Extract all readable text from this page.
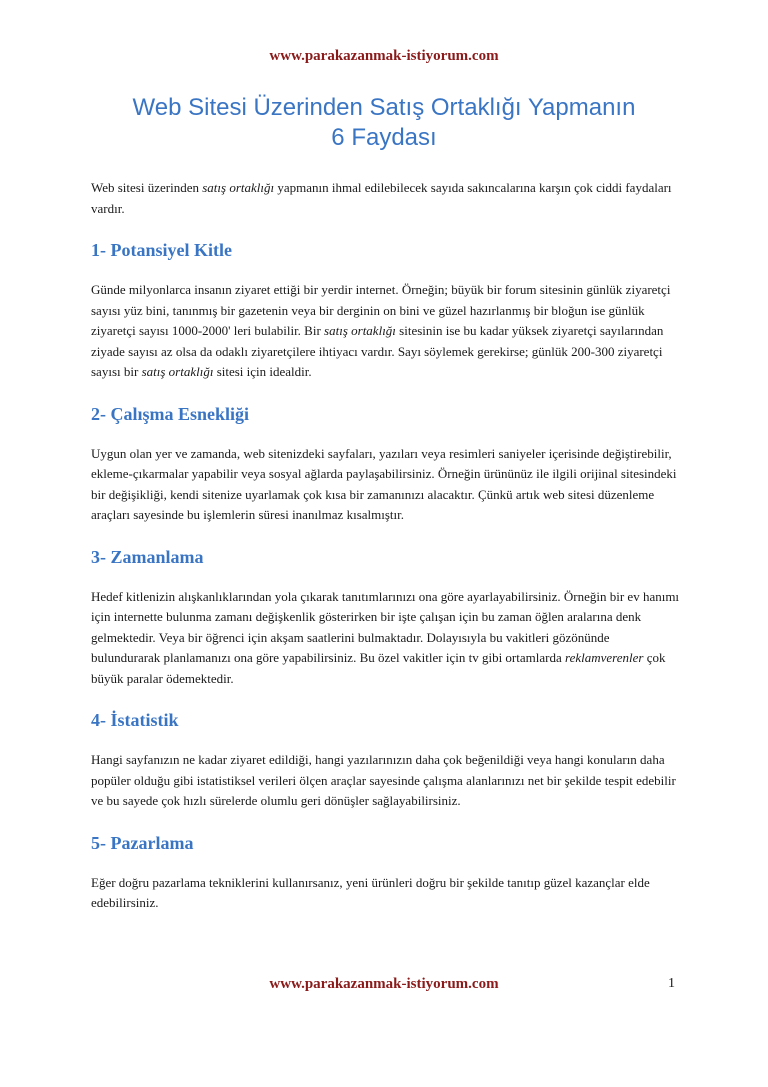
www.parakazanmak-istiyorum.com
Web Sitesi Üzerinden Satış Ortaklığı Yapmanın
6 Faydası

Web sitesi üzerinden satış ortaklığı yapmanın ihmal edilebilecek sayıda sakıncalarına karşın çok ciddi faydaları vardır.

1- Potansiyel Kitle

Günde milyonlarca insanın ziyaret ettiği bir yerdir internet. Örneğin; büyük bir forum sitesinin günlük ziyaretçi sayısı yüz bini, tanınmış bir gazetenin veya bir derginin on bini ve güzel hazırlanmış bir bloğun ise günlük ziyaretçi sayısı 1000-2000' leri bulabilir. Bir satış ortaklığı sitesinin ise bu kadar yüksek ziyaretçi sayılarından ziyade sayısı az olsa da odaklı ziyaretçilere ihtiyacı vardır. Sayı söylemek gerekirse; günlük 200-300 ziyaretçi sayısı bir satış ortaklığı sitesi için idealdir.

2- Çalışma Esnekliği

Uygun olan yer ve zamanda, web sitenizdeki sayfaları, yazıları veya resimleri saniyeler içerisinde değiştirebilir, ekleme-çıkarmalar yapabilir veya sosyal ağlarda paylaşabilirsiniz. Örneğin ürününüz ile ilgili orijinal sitesindeki bir değişikliği, kendi sitenize uyarlamak çok kısa bir zamanınızı alacaktır. Çünkü artık web sitesi düzenleme araçları sayesinde bu işlemlerin süresi inanılmaz kısalmıştır.

3- Zamanlama

Hedef kitlenizin alışkanlıklarından yola çıkarak tanıtımlarınızı ona göre ayarlayabilirsiniz. Örneğin bir ev hanımı için internette bulunma zamanı değişkenlik gösterirken bir işte çalışan için bu zaman öğlen aralarına denk gelmektedir. Veya bir öğrenci için akşam saatlerini bulmaktadır. Dolayısıyla bu vakitleri gözönünde bulundurarak planlamanızı ona göre yapabilirsiniz. Bu özel vakitler için tv gibi ortamlarda reklamverenler çok büyük paralar ödemektedir.

4- İstatistik

Hangi sayfanızın ne kadar ziyaret edildiği, hangi yazılarınızın daha çok beğenildiği veya hangi konuların daha popüler olduğu gibi istatistiksel verileri ölçen araçlar sayesinde çalışma alanlarınızı net bir şekilde tespit edebilir ve bu sayede çok hızlı sürelerde olumlu geri dönüşler sağlayabilirsiniz.

5- Pazarlama

Eğer doğru pazarlama tekniklerini kullanırsanız, yeni ürünleri doğru bir şekilde tanıtıp güzel kazançlar elde edebilirsiniz.

www.parakazanmak-istiyorum.com	1
